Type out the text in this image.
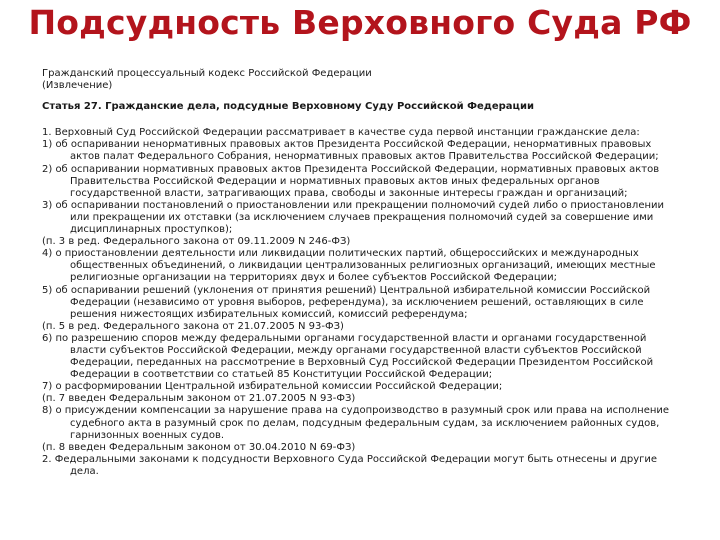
Подсудность Верховного Суда РФ

Гражданский процессуальный кодекс Российской Федерации

(Извлечение)

Статья 27. Гражданские дела, подсудные Верховному Суду Российской Федерации

1. Верховный Суд Российской Федерации рассматривает в качестве суда первой инстанции гражданские дела:

1) об оспаривании ненормативных правовых актов Президента Российской Федерации, ненормативных правовых актов палат Федерального Собрания, ненормативных правовых актов Правительства Российской Федерации;

2) об оспаривании нормативных правовых актов Президента Российской Федерации, нормативных правовых актов Правительства Российской Федерации и нормативных правовых актов иных федеральных органов государственной власти, затрагивающих права, свободы и законные интересы граждан и организаций;

3) об оспаривании постановлений о приостановлении или прекращении полномочий судей либо о приостановлении или прекращении их отставки (за исключением случаев прекращения полномочий судей за совершение ими дисциплинарных проступков);

(п. 3 в ред. Федерального закона от 09.11.2009 N 246-ФЗ)

4) о приостановлении деятельности или ликвидации политических партий, общероссийских и международных общественных объединений, о ликвидации централизованных религиозных организаций, имеющих местные религиозные организации на территориях двух и более субъектов Российской Федерации;

5) об оспаривании решений (уклонения от принятия решений) Центральной избирательной комиссии Российской Федерации (независимо от уровня выборов, референдума), за исключением решений, оставляющих в силе решения нижестоящих избирательных комиссий, комиссий референдума;

(п. 5 в ред. Федерального закона от 21.07.2005 N 93-ФЗ)

6) по разрешению споров между федеральными органами государственной власти и органами государственной власти субъектов Российской Федерации, между органами государственной власти субъектов Российской Федерации, переданных на рассмотрение в Верховный Суд Российской Федерации Президентом Российской Федерации в соответствии со статьей 85 Конституции Российской Федерации;

7) о расформировании Центральной избирательной комиссии Российской Федерации;

(п. 7 введен Федеральным законом от 21.07.2005 N 93-ФЗ)

8) о присуждении компенсации за нарушение права на судопроизводство в разумный срок или права на исполнение судебного акта в разумный срок по делам, подсудным федеральным судам, за исключением районных судов, гарнизонных военных судов.

(п. 8 введен Федеральным законом от 30.04.2010 N 69-ФЗ)

2. Федеральными законами к подсудности Верховного Суда Российской Федерации могут быть отнесены и другие дела.
